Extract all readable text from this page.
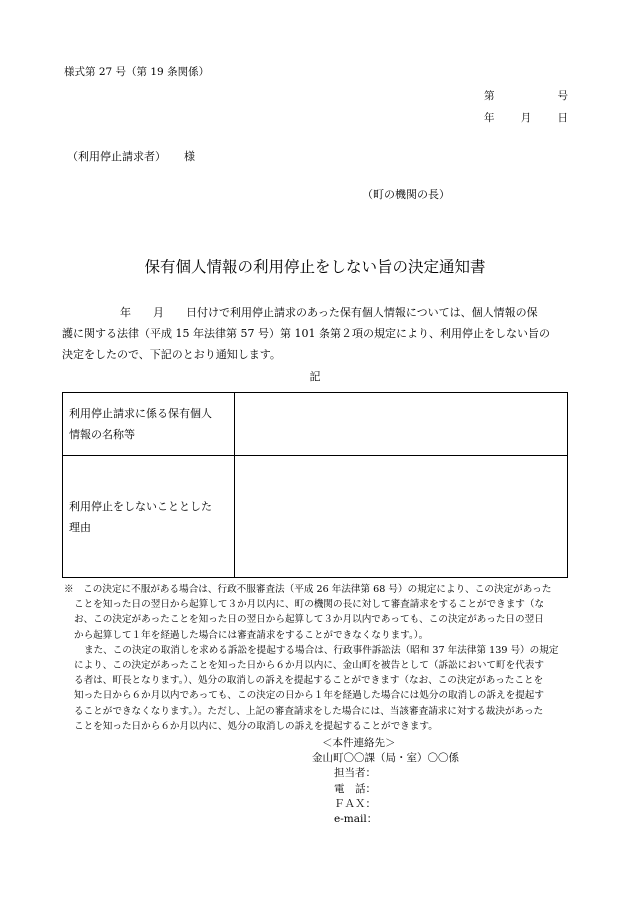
様式第 27 号（第 19 条関係）
第	号
年	月	日
（利用停止請求者） 様
（町の機関の長）
保有個人情報の利用停止をしない旨の決定通知書
年　　月　　日付けで利用停止請求のあった保有個人情報については、個人情報の保
護に関する法律（平成 15 年法律第 57 号）第 101 条第２項の規定により、利用停止をしない旨の
決定をしたので、下記のとおり通知します。
記
利用停止請求に係る保有個人
情報の名称等	

利用停止をしないこととした
理由	

※　この決定に不服がある場合は、行政不服審査法（平成 26 年法律第 68 号）の規定により、この決定があった
ことを知った日の翌日から起算して３か月以内に、町の機関の長に対して審査請求をすることができます（な
お、この決定があったことを知った日の翌日から起算して３か月以内であっても、この決定があった日の翌日
から起算して１年を経過した場合には審査請求をすることができなくなります。）。
また、この決定の取消しを求める訴訟を提起する場合は、行政事件訴訟法（昭和 37 年法律第 139 号）の規定
により、この決定があったことを知った日から６か月以内に、金山町を被告として（訴訟において町を代表す
る者は、町長となります。）、処分の取消しの訴えを提起することができます（なお、この決定があったことを
知った日から６か月以内であっても、この決定の日から１年を経過した場合には処分の取消しの訴えを提起す
ることができなくなります。）。ただし、上記の審査請求をした場合には、当該審査請求に対する裁決があった
ことを知った日から６か月以内に、処分の取消しの訴えを提起することができます。
＜本件連絡先＞
金山町〇〇課（局・室）〇〇係
担当者：
電　話：
ＦＡＸ：
e-mail：
